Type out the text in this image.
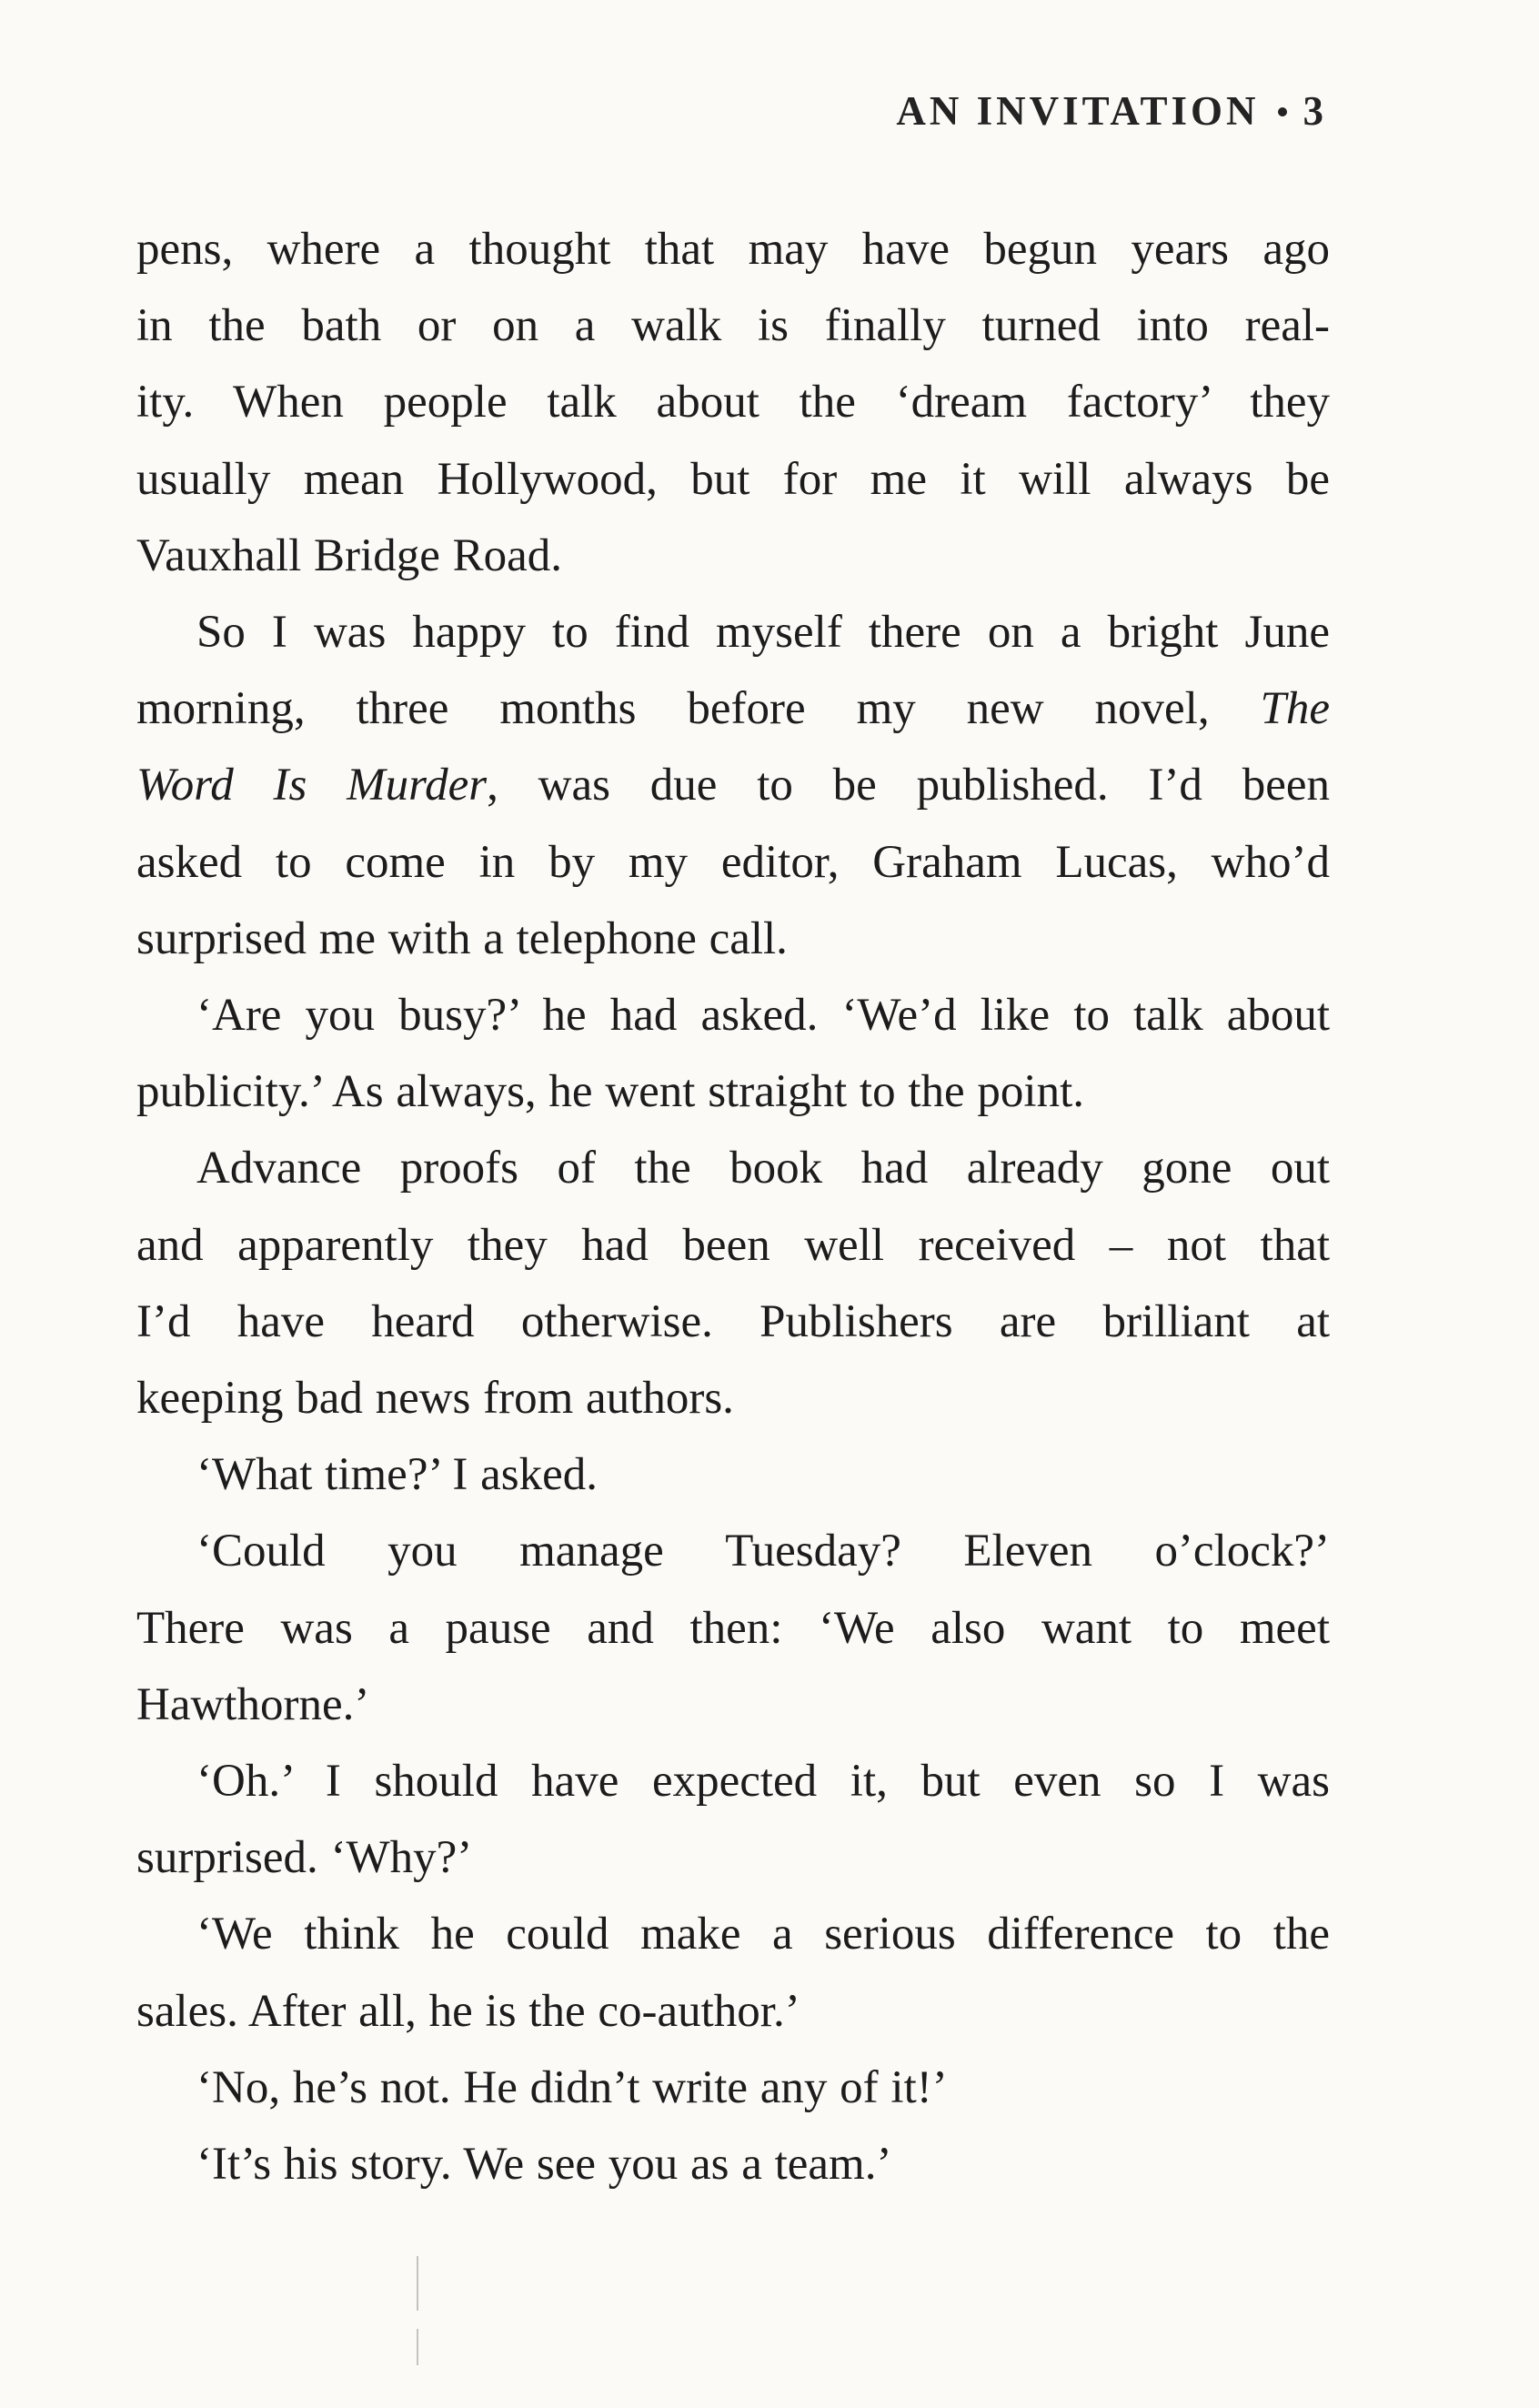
AN INVITATION 3

pens, where a thought that may have begun years ago
in the bath or on a walk is finally turned into real-
ity. When people talk about the ‘dream factory’ they
usually mean Hollywood, but for me it will always be
Vauxhall Bridge Road.

So I was happy to find myself there on a bright June
morning, three months before my new novel, The
Word Is Murder, was due to be published. I’d been
asked to come in by my editor, Graham Lucas, who’d
surprised me with a telephone call.

‘Are you busy?’ he had asked. ‘We’d like to talk about
publicity.’ As always, he went straight to the point.

Advance proofs of the book had already gone out
and apparently they had been well received – not that
I’d have heard otherwise. Publishers are brilliant at
keeping bad news from authors.

‘What time?’ I asked.

‘Could you manage Tuesday? Eleven o’clock?’
There was a pause and then: ‘We also want to meet
Hawthorne.’

‘Oh.’ I should have expected it, but even so I was
surprised. ‘Why?’

‘We think he could make a serious difference to the
sales. After all, he is the co-author.’

‘No, he’s not. He didn’t write any of it!’

‘It’s his story. We see you as a team.’
